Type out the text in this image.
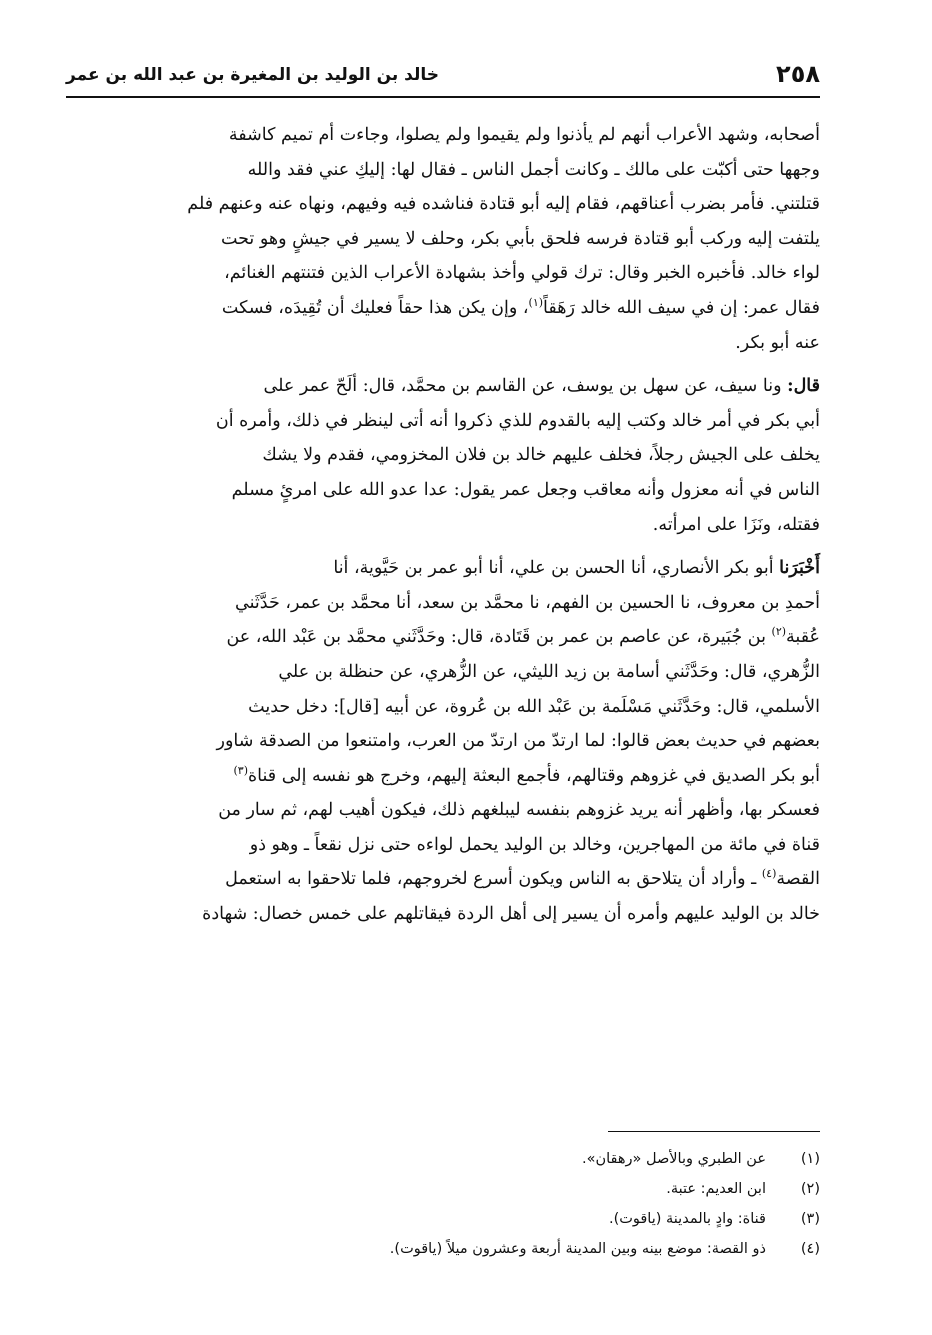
٢٥٨
خالد بن الوليد بن المغيرة بن عبد الله بن عمر

أصحابه، وشهد الأعراب أنهم لم يأذنوا ولم يقيموا ولم يصلوا، وجاءت أم تميم كاشفة

وجهها حتى أكبّت على مالك ـ وكانت أجمل الناس ـ فقال لها: إليكِ عني فقد والله

قتلتني. فأمر بضرب أعناقهم، فقام إليه أبو قتادة فناشده فيه وفيهم، ونهاه عنه وعنهم فلم

يلتفت إليه وركب أبو قتادة فرسه فلحق بأبي بكر، وحلف لا يسير في جيشٍ وهو تحت

لواء خالد. فأخبره الخبر وقال: ترك قولي وأخذ بشهادة الأعراب الذين فتنتهم الغنائم،

فقال عمر: إن في سيف الله خالد رَهَقاً$^{(١)}$، وإن يكن هذا حقاً فعليك أن تُقِيدَه، فسكت

عنه أبو بكر.

قال: ونا سيف، عن سهل بن يوسف، عن القاسم بن محمَّد، قال: ألَحّ عمر على

أبي بكر في أمر خالد وكتب إليه بالقدوم للذي ذكروا أنه أتى لينظر في ذلك، وأمره أن

يخلف على الجيش رجلاً، فخلف عليهم خالد بن فلان المخزومي، فقدم ولا يشك

الناس في أنه معزول وأنه معاقب وجعل عمر يقول: عدا عدو الله على امرئٍ مسلم

فقتله، ونَزَا على امرأته.

أَخْبَرَنا أبو بكر الأنصاري، أنا الحسن بن علي، أنا أبو عمر بن حَيَّوية، أنا

أحمدِ بن معروف، نا الحسين بن الفهم، نا محمَّد بن سعد، أنا محمَّد بن عمر، حَدَّثَني

عُقبة$^{(٢)}$ بن جُبَيرة، عن عاصم بن عمر بن قَتَادة، قال: وحَدَّثَني محمَّد بن عَبْد الله، عن

الزُّهري، قال: وحَدَّثَني أسامة بن زيد الليثي، عن الزُّهري، عن حنظلة بن علي

الأسلمي، قال: وحَدَّثَني مَسْلَمة بن عَبْد الله بن عُروة، عن أبيه [قال]: دخل حديث

بعضهم في حديث بعض قالوا: لما ارتدّ من ارتدّ من العرب، وامتنعوا من الصدقة شاور

أبو بكر الصديق في غزوهم وقتالهم، فأجمع البعثة إليهم، وخرج هو نفسه إلى قناة$^{(٣)}$

فعسكر بها، وأظهر أنه يريد غزوهم بنفسه ليبلغهم ذلك، فيكون أهيب لهم، ثم سار من

قناة في مائة من المهاجرين، وخالد بن الوليد يحمل لواءه حتى نزل نقعاً ـ وهو ذو

القصة$^{(٤)}$ ـ وأراد أن يتلاحق به الناس ويكون أسرع لخروجهم، فلما تلاحقوا به استعمل

خالد بن الوليد عليهم وأمره أن يسير إلى أهل الردة فيقاتلهم على خمس خصال: شهادة

(١)
عن الطبري وبالأصل «رهقان».
(٢)
ابن العديم: عتبة.
(٣)
قناة: وادٍ بالمدينة (ياقوت).
(٤)
ذو القصة: موضع بينه وبين المدينة أربعة وعشرون ميلاً (ياقوت).
